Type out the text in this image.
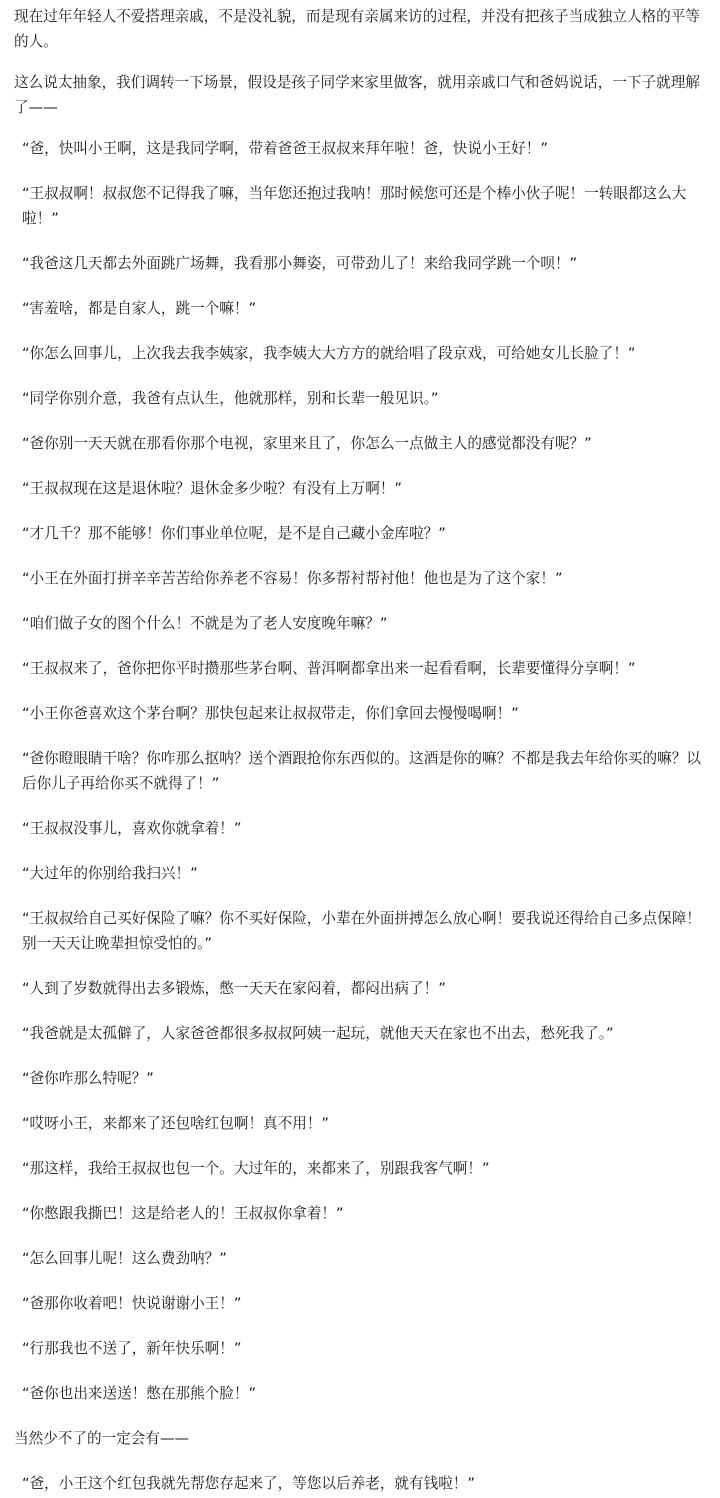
现在过年年轻人不爱搭理亲戚，不是没礼貌，而是现有亲属来访的过程，并没有把孩子当成独立人格的平等的人。

这么说太抽象，我们调转一下场景，假设是孩子同学来家里做客，就用亲戚口气和爸妈说话，一下子就理解了——

“爸，快叫小王啊，这是我同学啊，带着爸爸王叔叔来拜年啦！爸，快说小王好！”

“王叔叔啊！叔叔您不记得我了嘛，当年您还抱过我呐！那时候您可还是个棒小伙子呢！一转眼都这么大啦！”

“我爸这几天都去外面跳广场舞，我看那小舞姿，可带劲儿了！来给我同学跳一个呗！”

“害羞啥，都是自家人，跳一个嘛！”

“你怎么回事儿，上次我去我李姨家，我李姨大大方方的就给唱了段京戏，可给她女儿长脸了！”

“同学你别介意，我爸有点认生，他就那样，别和长辈一般见识。”

“爸你别一天天就在那看你那个电视，家里来且了，你怎么一点做主人的感觉都没有呢？”

“王叔叔现在这是退休啦？退休金多少啦？有没有上万啊！”

“才几千？那不能够！你们事业单位呢，是不是自己藏小金库啦？”

“小王在外面打拼辛辛苦苦给你养老不容易！你多帮衬帮衬他！他也是为了这个家！”

“咱们做子女的图个什么！不就是为了老人安度晚年嘛？”

“王叔叔来了，爸你把你平时攒那些茅台啊、普洱啊都拿出来一起看看啊，长辈要懂得分享啊！”

“小王你爸喜欢这个茅台啊？那快包起来让叔叔带走，你们拿回去慢慢喝啊！”

“爸你瞪眼睛干啥？你咋那么抠呐？送个酒跟抢你东西似的。这酒是你的嘛？不都是我去年给你买的嘛？以后你儿子再给你买不就得了！”

“王叔叔没事儿，喜欢你就拿着！”

“大过年的你别给我扫兴！”

“王叔叔给自己买好保险了嘛？你不买好保险，小辈在外面拼搏怎么放心啊！要我说还得给自己多点保障！别一天天让晚辈担惊受怕的。”

“人到了岁数就得出去多锻炼，憋一天天在家闷着，都闷出病了！”

“我爸就是太孤僻了，人家爸爸都很多叔叔阿姨一起玩，就他天天在家也不出去，愁死我了。”

“爸你咋那么特呢？”

“哎呀小王，来都来了还包啥红包啊！真不用！”

“那这样，我给王叔叔也包一个。大过年的，来都来了，别跟我客气啊！”

“你憋跟我撕巴！这是给老人的！王叔叔你拿着！”

“怎么回事儿呢！这么费劲呐？”

“爸那你收着吧！快说谢谢小王！”

“行那我也不送了，新年快乐啊！”

“爸你也出来送送！憋在那熊个脸！”

当然少不了的一定会有——

“爸，小王这个红包我就先帮您存起来了，等您以后养老，就有钱啦！”
